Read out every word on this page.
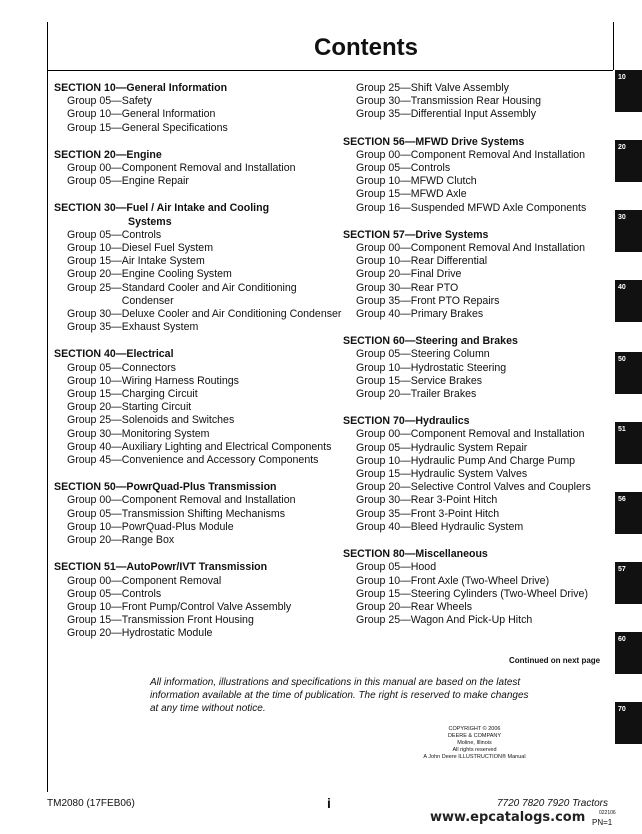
Contents
SECTION 10—General Information
Group 05— Safety
Group 10— General Information
Group 15— General Specifications
SECTION 20—Engine
Group 00— Component Removal and Installation
Group 05— Engine Repair
SECTION 30—Fuel / Air Intake and Cooling
Systems
Group 05— Controls
Group 10— Diesel Fuel System
Group 15— Air Intake System
Group 20— Engine Cooling System
Group 25— Standard Cooler and Air Conditioning Condenser
Group 30— Deluxe Cooler and Air Conditioning Condenser
Group 35— Exhaust System
SECTION 40—Electrical
Group 05— Connectors
Group 10— Wiring Harness Routings
Group 15— Charging Circuit
Group 20— Starting Circuit
Group 25— Solenoids and Switches
Group 30— Monitoring System
Group 40— Auxiliary Lighting and Electrical Components
Group 45— Convenience and Accessory Components
SECTION 50—PowrQuad-Plus Transmission
Group 00— Component Removal and Installation
Group 05— Transmission Shifting Mechanisms
Group 10— PowrQuad-Plus Module
Group 20— Range Box
SECTION 51—AutoPowr/IVT Transmission
Group 00— Component Removal
Group 05— Controls
Group 10— Front Pump/Control Valve Assembly
Group 15— Transmission Front Housing
Group 20— Hydrostatic Module
Group 25— Shift Valve Assembly
Group 30— Transmission Rear Housing
Group 35— Differential Input Assembly
SECTION 56—MFWD Drive Systems
Group 00— Component Removal And Installation
Group 05— Controls
Group 10— MFWD Clutch
Group 15— MFWD Axle
Group 16— Suspended MFWD Axle Components
SECTION 57—Drive Systems
Group 00— Component Removal And Installation
Group 10— Rear Differential
Group 20— Final Drive
Group 30— Rear PTO
Group 35— Front PTO Repairs
Group 40— Primary Brakes
SECTION 60—Steering and Brakes
Group 05— Steering Column
Group 10— Hydrostatic Steering
Group 15— Service Brakes
Group 20— Trailer Brakes
SECTION 70—Hydraulics
Group 00— Component Removal and Installation
Group 05— Hydraulic System Repair
Group 10— Hydraulic Pump And Charge Pump
Group 15— Hydraulic System Valves
Group 20— Selective Control Valves and Couplers
Group 30— Rear 3-Point Hitch
Group 35— Front 3-Point Hitch
Group 40— Bleed Hydraulic System
SECTION 80—Miscellaneous
Group 05— Hood
Group 10— Front Axle (Two-Wheel Drive)
Group 15— Steering Cylinders (Two-Wheel Drive)
Group 20— Rear Wheels
Group 25— Wagon And Pick-Up Hitch
Continued on next page
All information, illustrations and specifications in this manual are based on the latest information available at the time of publication. The right is reserved to make changes at any time without notice.
COPYRIGHT © 2006
DEERE & COMPANY
Moline, Illinois
All rights reserved
A John Deere ILLUSTRUCTION® Manual
10
20
30
40
50
51
56
57
60
70
TM2080 (17FEB06)	i	7720 7820 7920 Tractors
022106
PN=1
www.epcatalogs.com
